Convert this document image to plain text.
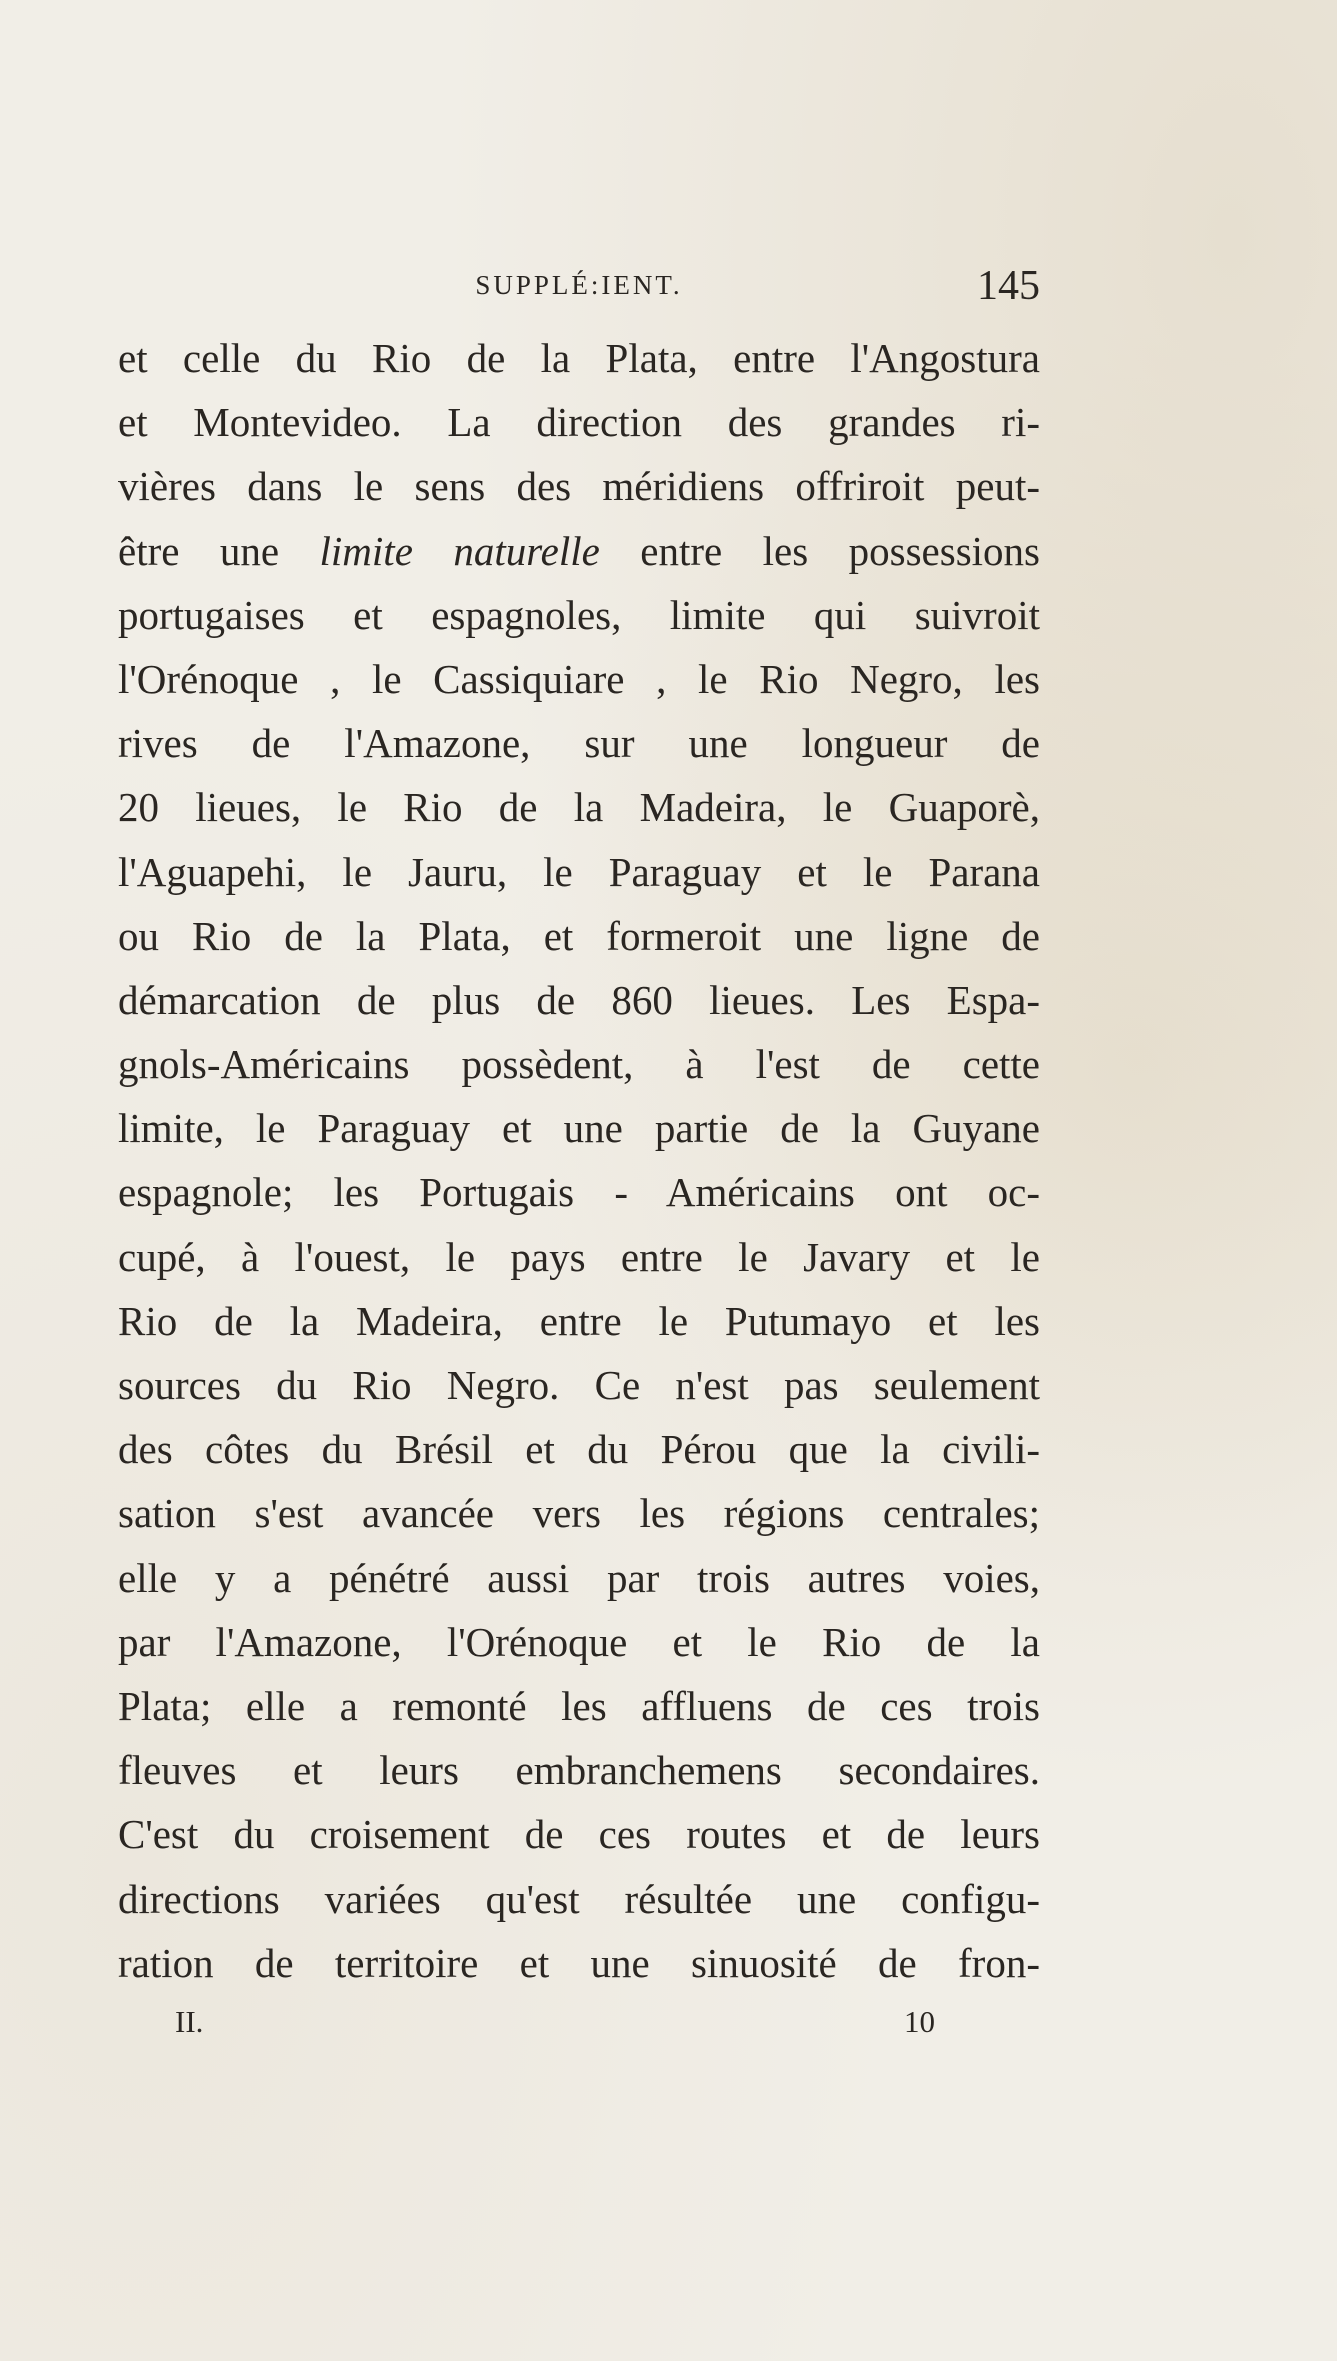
SUPPLÉ:IENT.	145
et celle du Rio de la Plata, entre l'Angostura
et Montevideo. La direction des grandes ri-
vières dans le sens des méridiens offriroit peut-
être une limite naturelle entre les possessions
portugaises et espagnoles, limite qui suivroit
l'Orénoque , le Cassiquiare , le Rio Negro, les
rives de l'Amazone, sur une longueur de
20 lieues, le Rio de la Madeira, le Guaporè,
l'Aguapehi, le Jauru, le Paraguay et le Parana
ou Rio de la Plata, et formeroit une ligne de
démarcation de plus de 860 lieues. Les Espa-
gnols-Américains possèdent, à l'est de cette
limite, le Paraguay et une partie de la Guyane
espagnole; les Portugais - Américains ont oc-
cupé, à l'ouest, le pays entre le Javary et le
Rio de la Madeira, entre le Putumayo et les
sources du Rio Negro. Ce n'est pas seulement
des côtes du Brésil et du Pérou que la civili-
sation s'est avancée vers les régions centrales;
elle y a pénétré aussi par trois autres voies,
par l'Amazone, l'Orénoque et le Rio de la
Plata; elle a remonté les affluens de ces trois
fleuves et leurs embranchemens secondaires.
C'est du croisement de ces routes et de leurs
directions variées qu'est résultée une configu-
ration de territoire et une sinuosité de fron-
II.	10
